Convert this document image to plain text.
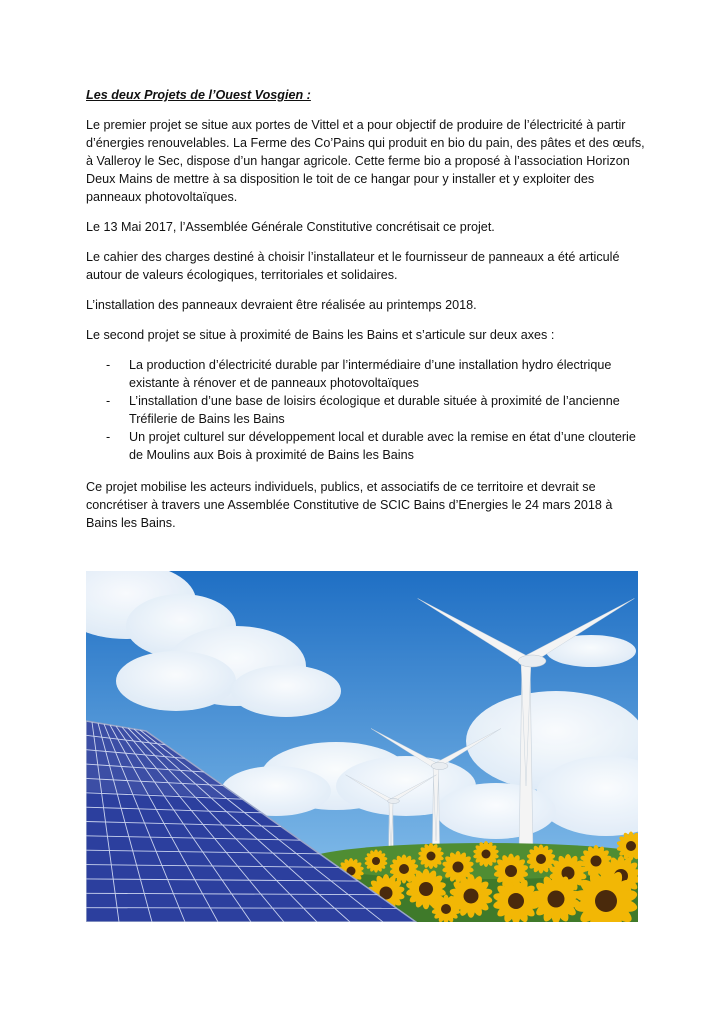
Les deux Projets de l’Ouest Vosgien :

Le premier projet se situe aux portes de Vittel et a pour objectif de produire de l’électricité à partir d’énergies renouvelables. La Ferme des Co’Pains qui produit en bio du pain, des pâtes et des œufs, à Valleroy le Sec, dispose d’un hangar agricole. Cette ferme bio a proposé à l’association Horizon Deux Mains de mettre à sa disposition le toit de ce hangar pour y installer et y exploiter des panneaux photovoltaïques.

Le 13 Mai 2017, l’Assemblée Générale Constitutive concrétisait ce projet.

Le cahier des charges destiné à choisir l’installateur et le fournisseur de panneaux a été articulé autour de valeurs écologiques, territoriales et solidaires.

L’installation des panneaux devraient être réalisée au printemps 2018.

Le second projet se situe à proximité de Bains les Bains et s’articule sur deux axes :

- La production d’électricité durable par l’intermédiaire d’une installation hydro électrique existante à rénover et de panneaux photovoltaïques
- L’installation d’une base de loisirs écologique et durable située à proximité de l’ancienne Tréfilerie de Bains les Bains
- Un projet culturel sur développement local et durable avec la remise en état d’une clouterie de Moulins aux Bois à proximité de Bains les Bains

Ce projet mobilise les acteurs individuels, publics, et associatifs de ce territoire et devrait se concrétiser à travers une Assemblée Constitutive de SCIC Bains d’Energies le 24 mars 2018 à Bains les Bains.
